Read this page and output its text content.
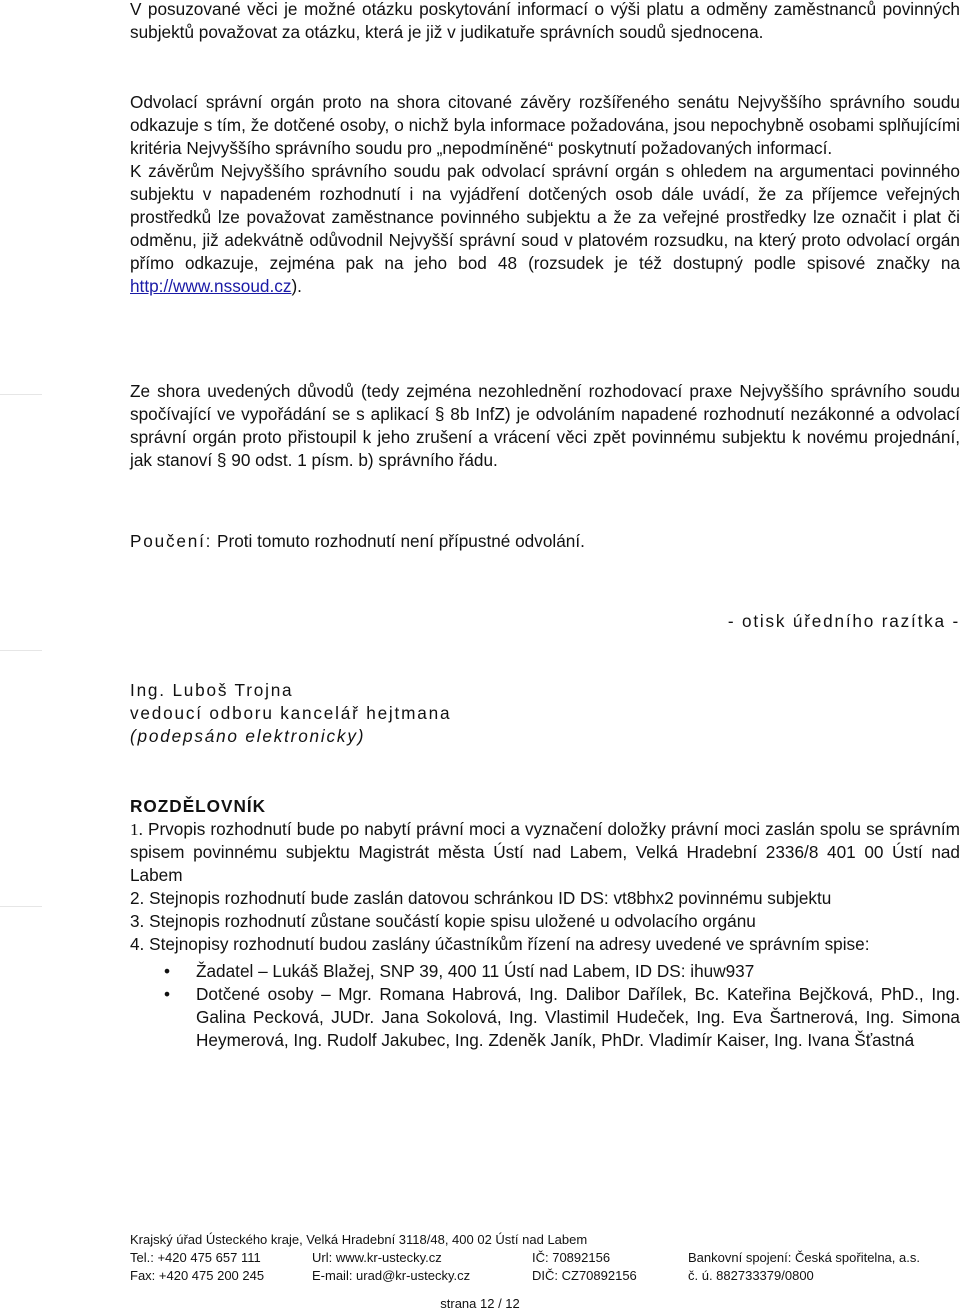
V posuzované věci je možné otázku poskytování informací o výši platu a odměny zaměstnanců povinných subjektů považovat za otázku, která je již v judikatuře správních soudů sjednocena.

Odvolací správní orgán proto na shora citované závěry rozšířeného senátu Nejvyššího správního soudu odkazuje s tím, že dotčené osoby, o nichž byla informace požadována, jsou nepochybně osobami splňujícími kritéria Nejvyššího správního soudu pro „nepodmíněné“ poskytnutí požadovaných informací.

K závěrům Nejvyššího správního soudu pak odvolací správní orgán s ohledem na argumentaci povinného subjektu v napadeném rozhodnutí i na vyjádření dotčených osob dále uvádí, že za příjemce veřejných prostředků lze považovat zaměstnance povinného subjektu a že za veřejné prostředky lze označit i plat či odměnu, již adekvátně odůvodnil Nejvyšší správní soud v platovém rozsudku, na který proto odvolací orgán přímo odkazuje, zejména pak na jeho bod 48 (rozsudek je též dostupný podle spisové značky na http://www.nssoud.cz).

Ze shora uvedených důvodů (tedy zejména nezohlednění rozhodovací praxe Nejvyššího správního soudu spočívající ve vypořádání se s aplikací § 8b InfZ) je odvoláním napadené rozhodnutí nezákonné a odvolací správní orgán proto přistoupil k jeho zrušení a vrácení věci zpět povinnému subjektu k novému projednání, jak stanoví § 90 odst. 1 písm. b) správního řádu.

Poučení: Proti tomuto rozhodnutí není přípustné odvolání.
- otisk úředního razítka -
Ing. Luboš Trojna
vedoucí odboru kancelář hejtmana
(podepsáno elektronicky)
ROZDĚLOVNÍK

1. Prvopis rozhodnutí bude po nabytí právní moci a vyznačení doložky právní moci zaslán spolu se správním spisem povinnému subjektu Magistrát města Ústí nad Labem, Velká Hradební 2336/8 401 00 Ústí nad Labem

2. Stejnopis rozhodnutí bude zaslán datovou schránkou ID DS: vt8bhx2 povinnému subjektu

3. Stejnopis rozhodnutí zůstane součástí kopie spisu uložené u odvolacího orgánu

4. Stejnopisy rozhodnutí budou zaslány účastníkům řízení na adresy uvedené ve správním spise:

• Žadatel – Lukáš Blažej, SNP 39, 400 11 Ústí nad Labem, ID DS: ihuw937
• Dotčené osoby – Mgr. Romana Habrová, Ing. Dalibor Dařílek, Bc. Kateřina Bejčková, PhD., Ing. Galina Pecková, JUDr. Jana Sokolová, Ing. Vlastimil Hudeček, Ing. Eva Šartnerová, Ing. Simona Heymerová, Ing. Rudolf Jakubec, Ing. Zdeněk Janík, PhDr. Vladimír Kaiser, Ing. Ivana Šťastná
Krajský úřad Ústeckého kraje, Velká Hradební 3118/48, 400 02 Ústí nad Labem
Tel.: +420 475 657 111	Url: www.kr-ustecky.cz	IČ: 70892156	Bankovní spojení: Česká spořitelna, a.s.
Fax: +420 475 200 245	E-mail: urad@kr-ustecky.cz	DIČ: CZ70892156	č. ú. 882733379/0800
strana 12 / 12
